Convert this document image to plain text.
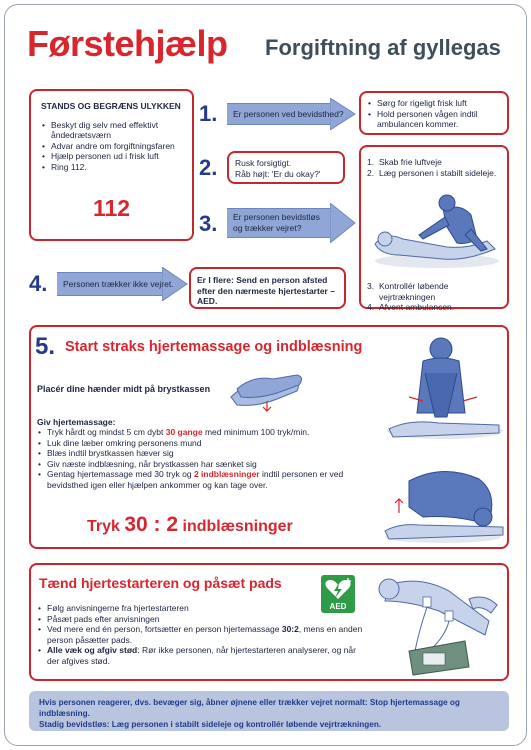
Førstehjælp Forgiftning af gyllegas
STANDS OG BEGRÆNS ULYKKEN
• Beskyt dig selv med effektivt åndedrætsværn
• Advar andre om forgiftningsfaren
• Hjælp personen ud i frisk luft
• Ring 112.
112
1. Er personen ved bevidsthed?
• Sørg for rigeligt frisk luft
• Hold personen vågen indtil ambulancen kommer.
2. Rusk forsigtigt.
Råb højt: 'Er du okay?'
3. Er personen bevidstløs
og trækker vejret?
1. Skab frie luftveje
2. Læg personen i stabilt sideleje.
3. Kontrollér løbende vejrtrækningen
4. Afvent ambulancen.
4. Personen trækker ikke vejret.	Er I flere: Send en person afsted efter den nærmeste hjertestarter – AED.
5. Start straks hjertemassage og indblæsning
Placér dine hænder midt på brystkassen
Giv hjertemassage:
• Tryk hårdt og mindst 5 cm dybt 30 gange med minimum 100 tryk/min.
• Luk dine læber omkring personens mund
• Blæs indtil brystkassen hæver sig
• Giv næste indblæsning, når brystkassen har sænket sig
• Gentag hjertemassage med 30 tryk og 2 indblæsninger indtil personen er ved bevidsthed igen eller hjælpen ankommer og kan tage over.
Tryk 30 : 2 indblæsninger
Tænd hjertestarteren og påsæt pads
• Følg anvisningerne fra hjertestarteren
• Påsæt pads efter anvisningen
• Ved mere end én person, fortsætter en person hjertemassage 30:2, mens en anden person påsætter pads.
• Alle væk og afgiv stød: Rør ikke personen, når hjertestarteren analyserer, og når der afgives stød.
AED
Hvis personen reagerer, dvs. bevæger sig, åbner øjnene eller trækker vejret normalt: Stop hjertemassage og indblæsning.
Stadig bevidstløs: Læg personen i stabilt sideleje og kontrollér løbende vejrtrækningen.
